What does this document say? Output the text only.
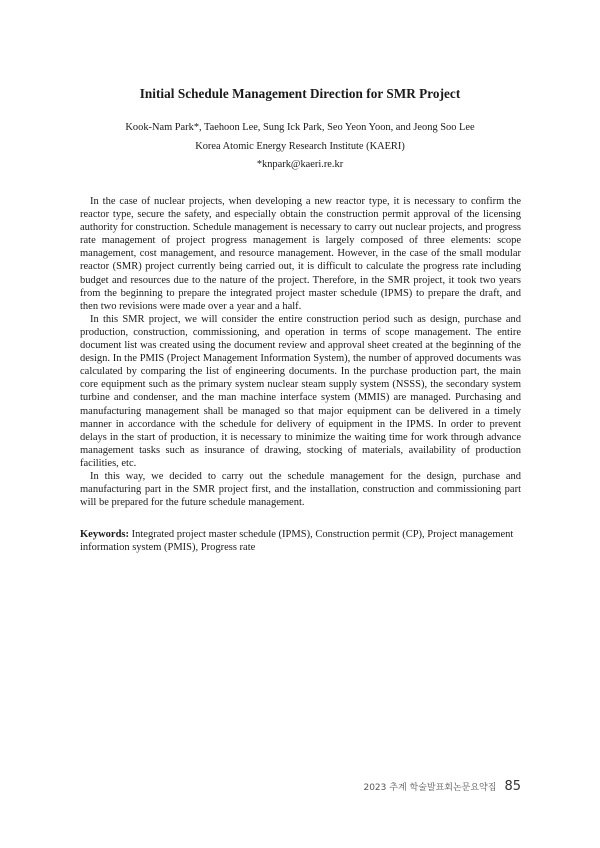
Initial Schedule Management Direction for SMR Project
Kook-Nam Park*, Taehoon Lee, Sung Ick Park, Seo Yeon Yoon, and Jeong Soo Lee
Korea Atomic Energy Research Institute (KAERI)
*knpark@kaeri.re.kr

In the case of nuclear projects, when developing a new reactor type, it is necessary to confirm the reactor type, secure the safety, and especially obtain the construction permit approval of the licensing authority for construction. Schedule management is necessary to carry out nuclear projects, and progress rate management of project progress management is largely composed of three elements: scope management, cost management, and resource management. However, in the case of the small modular reactor (SMR) project currently being carried out, it is difficult to calculate the progress rate including budget and resources due to the nature of the project. Therefore, in the SMR project, it took two years from the beginning to prepare the integrated project master schedule (IPMS) to prepare the draft, and then two revisions were made over a year and a half.

In this SMR project, we will consider the entire construction period such as design, purchase and production, construction, commissioning, and operation in terms of scope management. The entire document list was created using the document review and approval sheet created at the beginning of the design. In the PMIS (Project Management Information System), the number of approved documents was calculated by comparing the list of engineering documents. In the purchase production part, the main core equipment such as the primary system nuclear steam supply system (NSSS), the secondary system turbine and condenser, and the man machine interface system (MMIS) are managed. Purchasing and manufacturing management shall be managed so that major equipment can be delivered in a timely manner in accordance with the schedule for delivery of equipment in the IPMS. In order to prevent delays in the start of production, it is necessary to minimize the waiting time for work through advance management tasks such as insurance of drawing, stocking of materials, availability of production facilities, etc.

In this way, we decided to carry out the schedule management for the design, purchase and manufacturing part in the SMR project first, and the installation, construction and commissioning part will be prepared for the future schedule management.

Keywords: Integrated project master schedule (IPMS), Construction permit (CP), Project management information system (PMIS), Progress rate
2023 추계 학술발표회논문요약집 85
